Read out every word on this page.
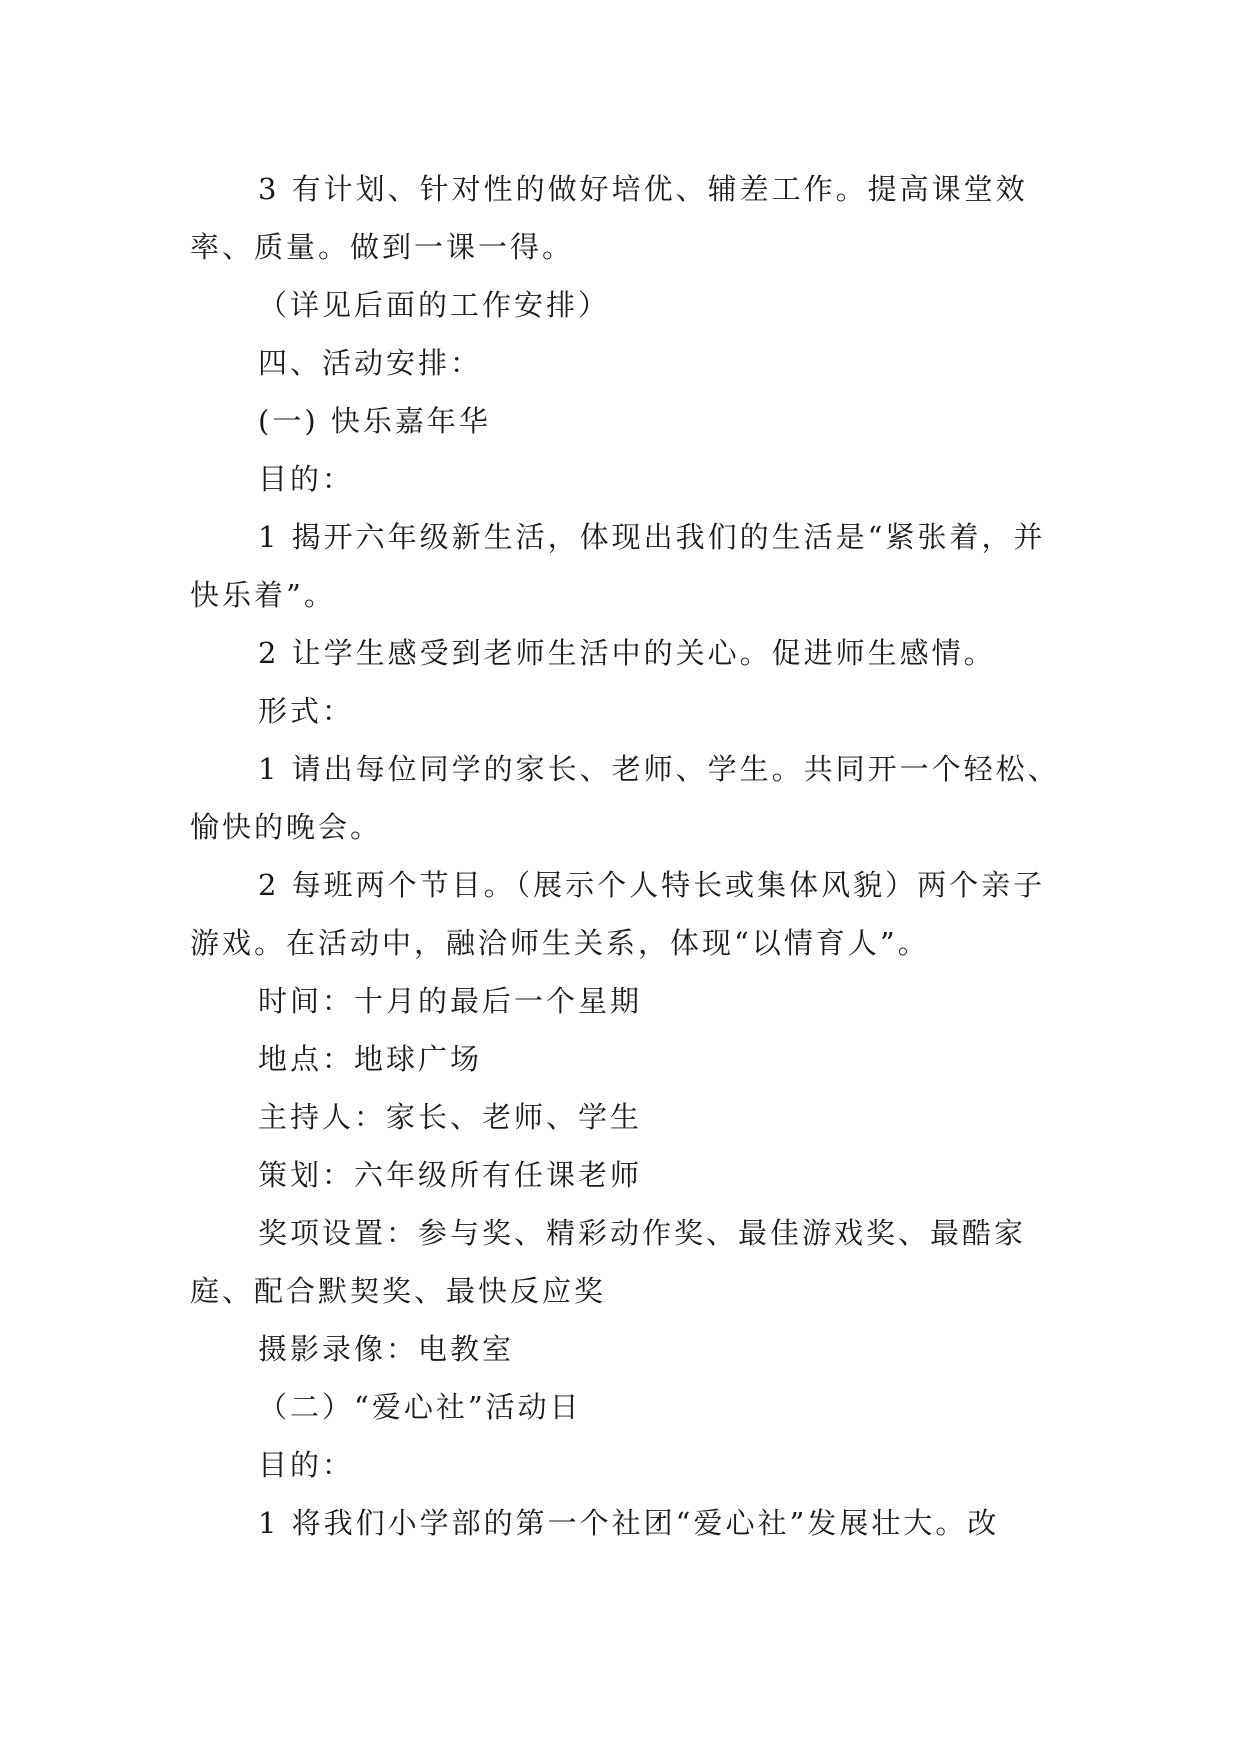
3 有计划、针对性的做好培优、辅差工作。提高课堂效率、质量。做到一课一得。

（详见后面的工作安排）

四、活动安排：

(一) 快乐嘉年华

目的：

1 揭开六年级新生活，体现出我们的生活是“紧张着，并快乐着”。

2 让学生感受到老师生活中的关心。促进师生感情。

形式：

1 请出每位同学的家长、老师、学生。共同开一个轻松、愉快的晚会。

2 每班两个节目。（展示个人特长或集体风貌）两个亲子游戏。在活动中，融洽师生关系，体现“以情育人”。

时间：十月的最后一个星期

地点：地球广场

主持人：家长、老师、学生

策划：六年级所有任课老师

奖项设置：参与奖、精彩动作奖、最佳游戏奖、最酷家庭、配合默契奖、最快反应奖

摄影录像：电教室

（二）“爱心社”活动日

目的：

1 将我们小学部的第一个社团“爱心社”发展壮大。改
